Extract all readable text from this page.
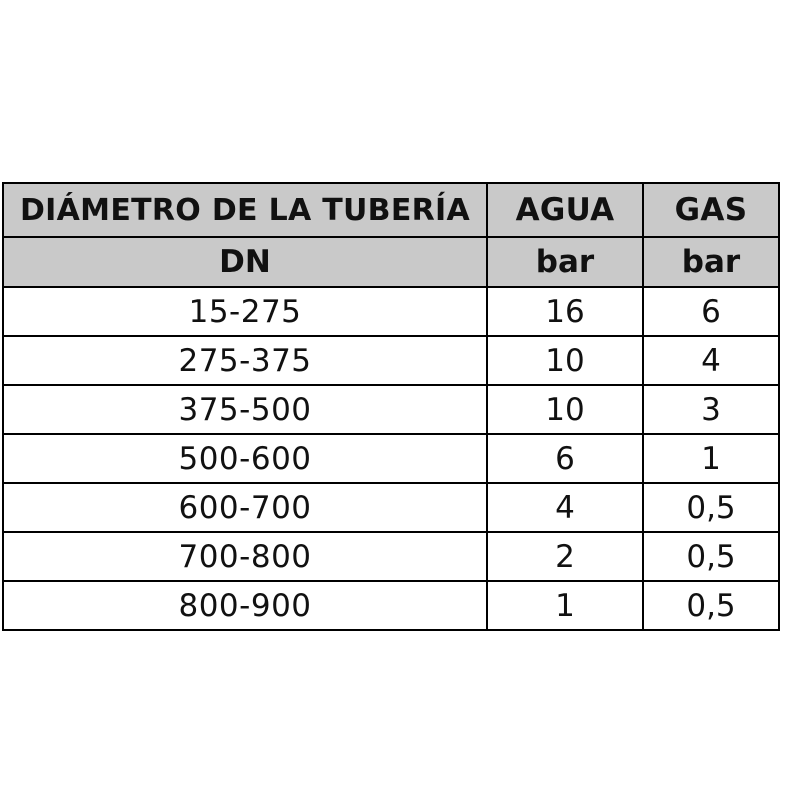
DIÁMETRO DE LA TUBERÍA	AGUA	GAS
DN	bar	bar
15-275	16	6
275-375	10	4
375-500	10	3
500-600	6	1
600-700	4	0,5
700-800	2	0,5
800-900	1	0,5
